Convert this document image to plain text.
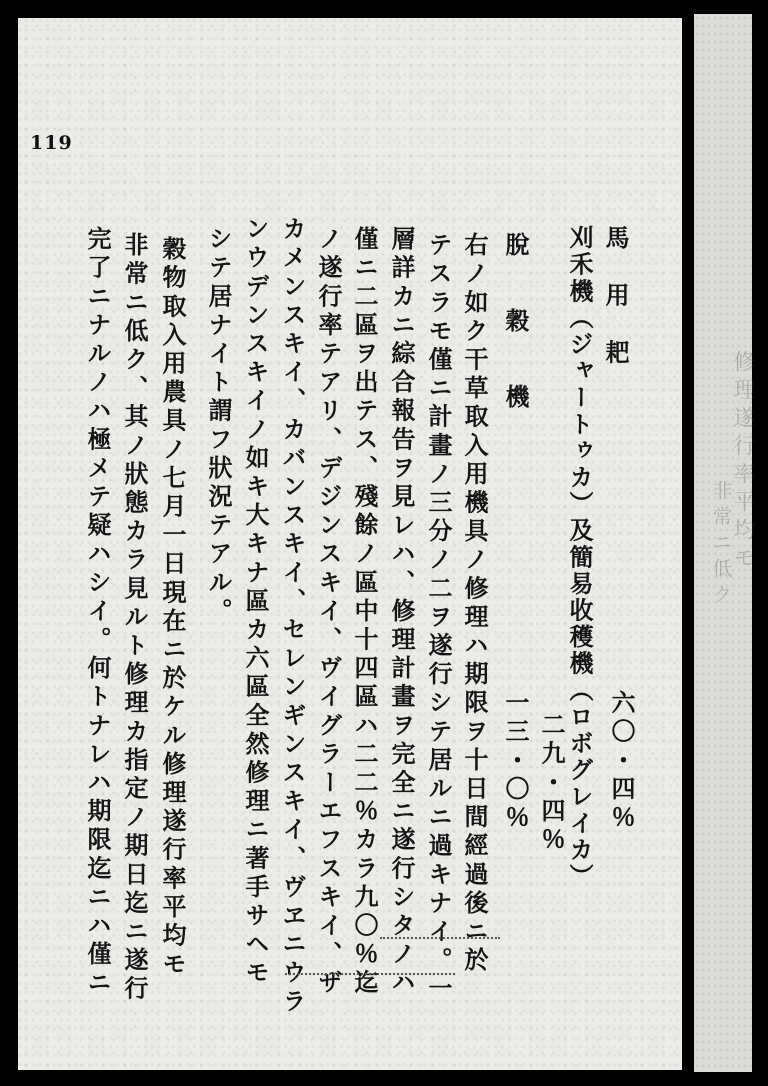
修理遂行率平均モ
非常ニ低ク
119
馬　用　耙
刈禾機（ジャートゥカ）及簡易收穫機（ロボグレイカ） 六〇・四％
二九・四％
脫　穀　機
一三・〇％
右ノ如ク干草取入用機具ノ修理ハ期限ヲ十日間經過後ニ於
テスラモ僅ニ計畫ノ三分ノ二ヲ遂行シテ居ルニ過キナイ。一
層詳カニ綜合報告ヲ見レハ、修理計畫ヲ完全ニ遂行シタノハ
僅ニ二區ヲ出テス、殘餘ノ區中十四區ハ二二％カラ九〇％迄
ノ遂行率テアリ、デジンスキイ、ヴイグラーエフスキイ、ザ
カメンスキイ、カバンスキイ、セレンギンスキイ、ヴヱニウラ
ンウデンスキイノ如キ大キナ區カ六區全然修理ニ著手サヘモ
シテ居ナイト謂フ狀況テアル。
穀物取入用農具ノ七月一日現在ニ於ケル修理遂行率平均モ
非常ニ低ク、其ノ狀態カラ見ルト修理カ指定ノ期日迄ニ遂行
完了ニナルノハ極メテ疑ハシイ。何トナレハ期限迄ニハ僅ニ
